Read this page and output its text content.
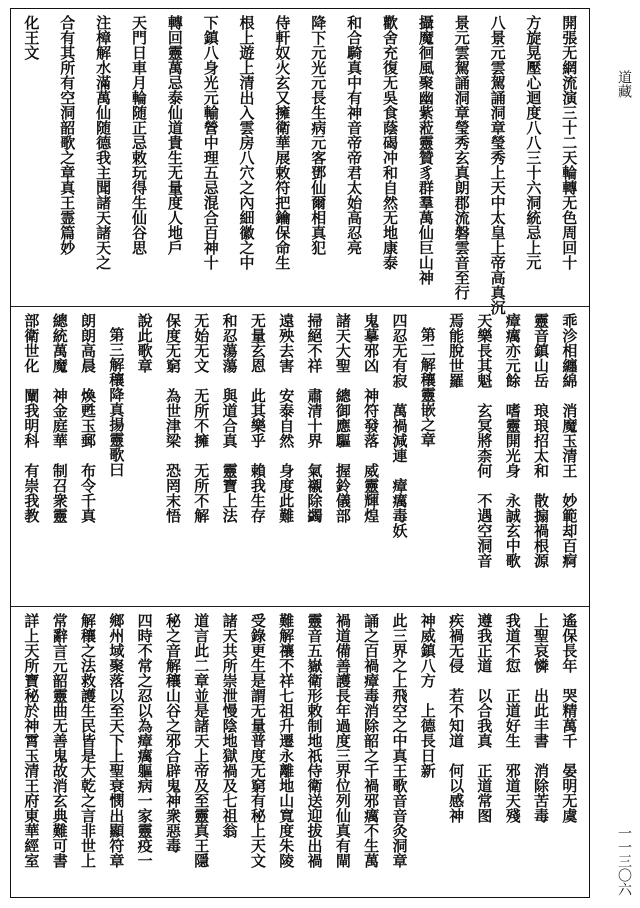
開張无網流演三十二天輪轉无色周回十
方旋晃壓心迴度八八三十六洞統忌上元
八景元雲駕誦洞章瑩秀上天中太皇上帝高真沉
景元雲駕誦洞章瑩秀玄真朗郡流磐雲音至行
攝魔徊風聚幽紫蒞靈贊豸群羣萬仙巨山神
歡舍充復无吳食蔭碣冲和自然无地康泰
和合騎真中有神音帝帝君太始高忍亮
降下元光元長生病元客鄧仙爾相真犯
侍軒奴火玄又擁衛華展敕符把鑰保命生
根上遊上清出入雲房八穴之內細徽之中
下鎮八身光元輸營中理五忌混合百神十
轉回靈萬忌泰仙道貴生无量度人地戶
天門日車月輪随正忌敕玩得生仙谷思
注樟解水滿萬仙随德我主聞諸天諸天之
合有其所有空洞韶歌之章真王霊篇妙
化王文
乖沴相纏綿　消魔玉清王　妙範却百痾
靈音鎮山岳　琅琅招太和　散搧禍根源
瘴癘亦元餘　嗜靈開光身　永誠玄中歌
天樂長其魁　玄冥將柰何　不遇空洞音
焉能脫世羅
第二解穰靈嵌之章
四忍无有寂　萬禍減連　瘴癘毒妖
鬼摹邪凶　神符發落　威靈輝煌
諸天大聖　總御應驅　握鈴儀部
掃絕不祥　肅清十界　氣襯除蠲
遠殃去害　安泰自然　身度此難
无量玄恩　此其樂乎　賴我生存
和忍蕩蕩　與道合真　靈寶上法
无始无文　无所不擁　无所不解
保度无窮　為世津梁　恐罔末悟
說此歌章
第三解穰降真揚靈歌曰
朗朗高晨　煥甦玉郵　布令千真
總統萬魔　神金庭華　制召衆靈
部衛世化　闡我明科　有崇我教
遙保長年　哭精萬千　晏明无虞
上聖哀憐　出此丰書　消除苦毒
我道不愆　正道好生　邪道天殘
遵我正道　以合我真　正道常图
疾禍无侵　若不知道　何以感神
神威鎮八方　上德長日新
此三界之上飛空之中真王歌音音灸洞章
誦之百禍瘴毒消除韶之千禍邪癘不生萬
禍道備善護長年過度三界位列仙真有閘
靈音五嶽衛形敕制地祇侍衛送迎拔出禍
難解禳不祥七祖升遷永離地山寬度朱陵
受錄更生是謂无量普度无窮有秘上天文
諸天共所崇泄慢陰地獄禍及七祖翁
道言此二章並是諸天上帝及至靈真王隱
秘之音解穰山谷之邪合辟鬼神衆惡毒
四時不常之忍以為瘴癘軀病一家靈疫一
鄉州域聚落以至天下上聖衰憫出顯符章
解穰之法救護生民皆是大乾之言非世上
常辭言元韶靈曲无善鬼故消玄典難可書
詳上天所寶秘於神霄玉清王府東華經室
道藏
一一三〇六
